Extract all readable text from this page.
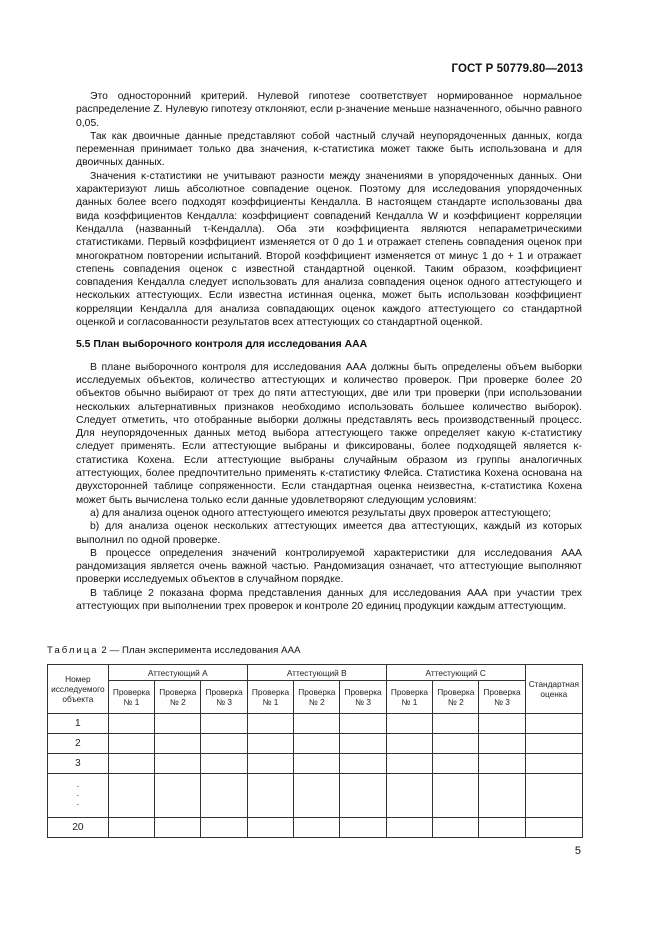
ГОСТ Р 50779.80—2013

Это односторонний критерий. Нулевой гипотезе соответствует нормированное нормальное распределение Z. Нулевую гипотезу отклоняют, если p-значение меньше назначенного, обычно равного 0,05.

Так как двоичные данные представляют собой частный случай неупорядоченных данных, когда переменная принимает только два значения, κ-статистика может также быть использована и для двоичных данных.

Значения κ-статистики не учитывают разности между значениями в упорядоченных данных. Они характеризуют лишь абсолютное совпадение оценок. Поэтому для исследования упорядоченных данных более всего подходят коэффициенты Кендалла. В настоящем стандарте использованы два вида коэффициентов Кендалла: коэффициент совпадений Кендалла W и коэффициент корреляции Кендалла (названный τ-Кендалла). Оба эти коэффициента являются непараметрическими статистиками. Первый коэффициент изменяется от 0 до 1 и отражает степень совпадения оценок при многократном повторении испытаний. Второй коэффициент изменяется от минус 1 до + 1 и отражает степень совпадения оценок с известной стандартной оценкой. Таким образом, коэффициент совпадения Кендалла следует использовать для анализа совпадения оценок одного аттестующего и нескольких аттестующих. Если известна истинная оценка, может быть использован коэффициент корреляции Кендалла для анализа совпадающих оценок каждого аттестующего со стандартной оценкой и согласованности результатов всех аттестующих со стандартной оценкой.

5.5 План выборочного контроля для исследования ААА

В плане выборочного контроля для исследования ААА должны быть определены объем выборки исследуемых объектов, количество аттестующих и количество проверок. При проверке более 20 объектов обычно выбирают от трех до пяти аттестующих, две или три проверки (при использовании нескольких альтернативных признаков необходимо использовать большее количество выборок). Следует отметить, что отобранные выборки должны представлять весь производственный процесс. Для неупорядоченных данных метод выбора аттестующего также определяет какую κ-статистику следует применять. Если аттестующие выбраны и фиксированы, более подходящей является κ-статистика Кохена. Если аттестующие выбраны случайным образом из группы аналогичных аттестующих, более предпочтительно применять κ-статистику Флейса. Статистика Кохена основана на двухсторонней таблице сопряженности. Если стандартная оценка неизвестна, κ-статистика Кохена может быть вычислена только если данные удовлетворяют следующим условиям:

а) для анализа оценок одного аттестующего имеются результаты двух проверок аттестующего;

b) для анализа оценок нескольких аттестующих имеется два аттестующих, каждый из которых выполнил по одной проверке.

В процессе определения значений контролируемой характеристики для исследования ААА рандомизация является очень важной частью. Рандомизация означает, что аттестующие выполняют проверки исследуемых объектов в случайном порядке.

В таблице 2 показана форма представления данных для исследования ААА при участии трех аттестующих при выполнении трех проверок и контроле 20 единиц продукции каждым аттестующим.

Таблица 2 — План эксперимента исследования ААА
Номер исследуемого объекта	Аттестующий А			Аттестующий В			Аттестующий С			Стандартная оценка
	Проверка № 1	Проверка № 2	Проверка № 3	Проверка № 1	Проверка № 2	Проверка № 3	Проверка № 1	Проверка № 2	Проверка № 3	
1										
2										
3										

·
·
·										

20										
5
